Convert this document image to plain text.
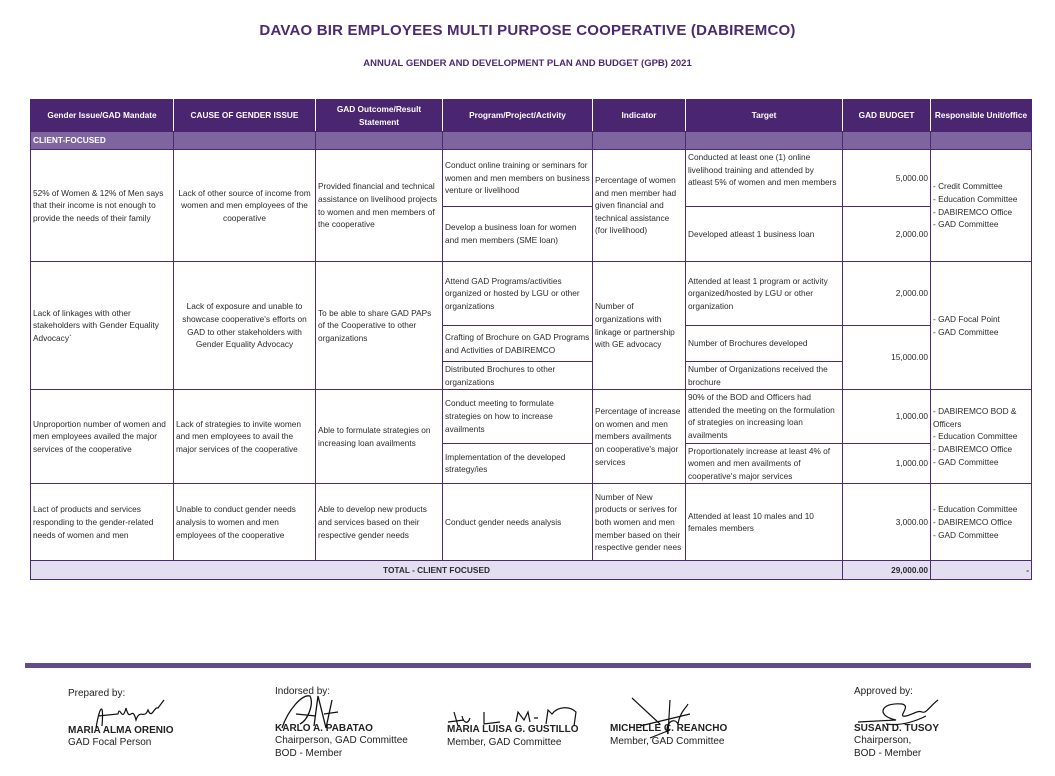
DAVAO BIR EMPLOYEES MULTI PURPOSE COOPERATIVE (DABIREMCO)
ANNUAL GENDER AND DEVELOPMENT PLAN AND BUDGET (GPB) 2021
Gender Issue/GAD Mandate	CAUSE OF GENDER ISSUE	GAD Outcome/Result Statement	Program/Project/Activity	Indicator	Target	GAD BUDGET	Responsible Unit/office
CLIENT-FOCUSED							
52% of Women & 12% of Men says that their income is not enough to provide the needs of their family	Lack of other source of income from women and men employees of the cooperative	Provided financial and technical assistance on livelihood projects to women and men members of the cooperative	Conduct online training or seminars for women and men members on business venture or livelihood	Percentage of women and men member had given financial and technical assistance (for livelihood)	Conducted at least one (1) online livelihood training and attended by atleast 5% of women and men members	5,000.00	- Credit Committee
- Education Committee
- DABIREMCO Office
- GAD Committee

			Develop a business loan for women and men members (SME loan)		Developed atleast 1 business loan	2,000.00	
Lack of linkages with other stakeholders with Gender Equality Advocacy`	Lack of exposure and unable to showcase cooperative's efforts on GAD to other stakeholders with Gender Equality Advocacy	To be able to share GAD PAPs of the Cooperative to other organizations	Attend GAD Programs/activities organized or hosted by LGU or other organizations	Number of organizations with linkage or partnership with GE advocacy	Attended at least 1 program or activity organized/hosted by LGU or other organization	2,000.00	- GAD Focal Point
- GAD Committee

			Crafting of Brochure on GAD Programs and Activities of DABIREMCO		Number of Brochures developed	15,000.00	
			Distributed Brochures to other organizations		Number of Organizations received the brochure		
Unproportion number of women and men employees availed the major services of the cooperative	Lack of strategies to invite women and men employees to avail the major services of the cooperative	Able to formulate strategies on increasing loan availments	Conduct meeting to formulate strategies on how to increase availments	Percentage of increase on women and men members availments on cooperative's major services	90% of the BOD and Officers had attended the meeting on the formulation of strategies on increasing loan availments	1,000.00	- DABIREMCO BOD &
Officers
- Education Committee
- DABIREMCO Office
- GAD Committee

			Implementation of the developed strategy/ies		Proportionately increase at least 4% of women and men availments of cooperative's major services	1,000.00	
Lact of products and services responding to the gender-related needs of women and men	Unable to conduct gender needs analysis to women and men employees of the cooperative	Able to develop new products and services based on their respective gender needs	Conduct gender needs analysis	Number of New products or serives for both women and men member based on their respective gender nees	Attended at least 10 males and 10 females members	3,000.00	- Education Committee
- DABIREMCO Office
- GAD Committee

TOTAL - CLIENT FOCUSED						29,000.00	-
Prepared by:
MARIA ALMA ORENIO
GAD Focal Person
Indorsed by:
KARLO A. PABATAO
Chairperson, GAD Committee
BOD - Member
MARIA LUISA G. GUSTILLO
Member, GAD Committee
MICHELLE C. REANCHO
Member, GAD Committee
Approved by:
SUSAN D. TUSOY
Chairperson,
BOD - Member
